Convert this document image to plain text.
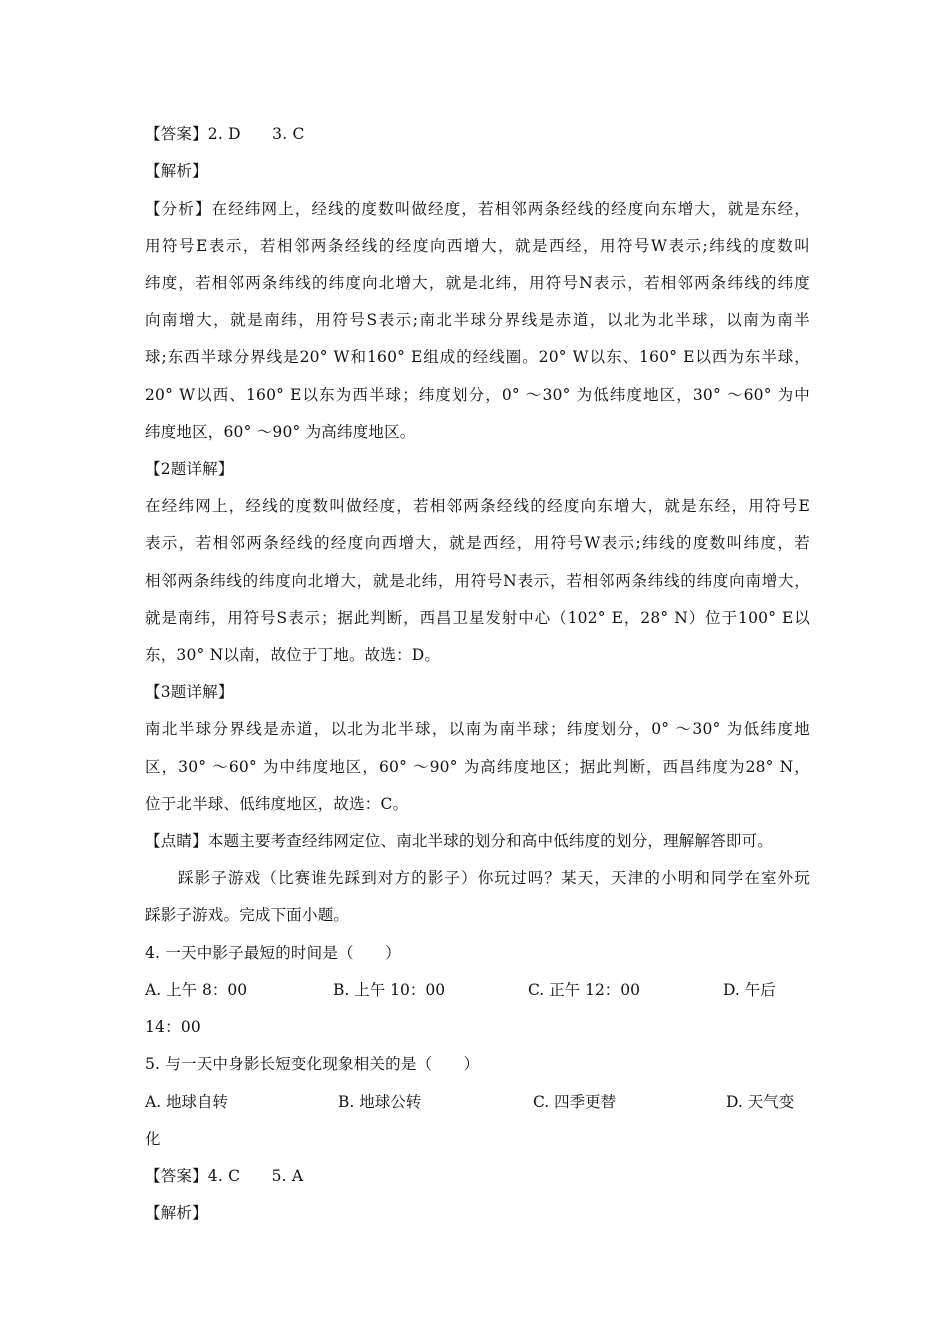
【答案】2. D　　3. C
【解析】
【分析】在经纬网上，经线的度数叫做经度，若相邻两条经线的经度向东增大，就是东经，
用符号E表示，若相邻两条经线的经度向西增大，就是西经，用符号W表示;纬线的度数叫
纬度，若相邻两条纬线的纬度向北增大，就是北纬，用符号N表示，若相邻两条纬线的纬度
向南增大，就是南纬，用符号S表示;南北半球分界线是赤道，以北为北半球，以南为南半
球;东西半球分界线是20° W和160° E组成的经线圈。20° W以东、160° E以西为东半球，
20° W以西、160° E以东为西半球；纬度划分，0° ～30° 为低纬度地区，30° ～60° 为中
纬度地区，60° ～90° 为高纬度地区。
【2题详解】
在经纬网上，经线的度数叫做经度，若相邻两条经线的经度向东增大，就是东经，用符号E
表示，若相邻两条经线的经度向西增大，就是西经，用符号W表示;纬线的度数叫纬度，若
相邻两条纬线的纬度向北增大，就是北纬，用符号N表示，若相邻两条纬线的纬度向南增大，
就是南纬，用符号S表示；据此判断，西昌卫星发射中心（102° E，28° N）位于100° E以
东，30° N以南，故位于丁地。故选：D。
【3题详解】
南北半球分界线是赤道，以北为北半球，以南为南半球；纬度划分，0° ～30° 为低纬度地
区，30° ～60° 为中纬度地区，60° ～90° 为高纬度地区；据此判断，西昌纬度为28° N，
位于北半球、低纬度地区，故选：C。
【点睛】本题主要考查经纬网定位、南北半球的划分和高中低纬度的划分，理解解答即可。
踩影子游戏（比赛谁先踩到对方的影子）你玩过吗？某天，天津的小明和同学在室外玩
踩影子游戏。完成下面小题。
4. 一天中影子最短的时间是（　　）
A. 上午 8：00	B. 上午 10：00	C. 正午 12：00	D. 午后
14：00
5. 与一天中身影长短变化现象相关的是（　　）
A. 地球自转	B. 地球公转	C. 四季更替	D. 天气变
化
【答案】4. C　　5. A
【解析】
